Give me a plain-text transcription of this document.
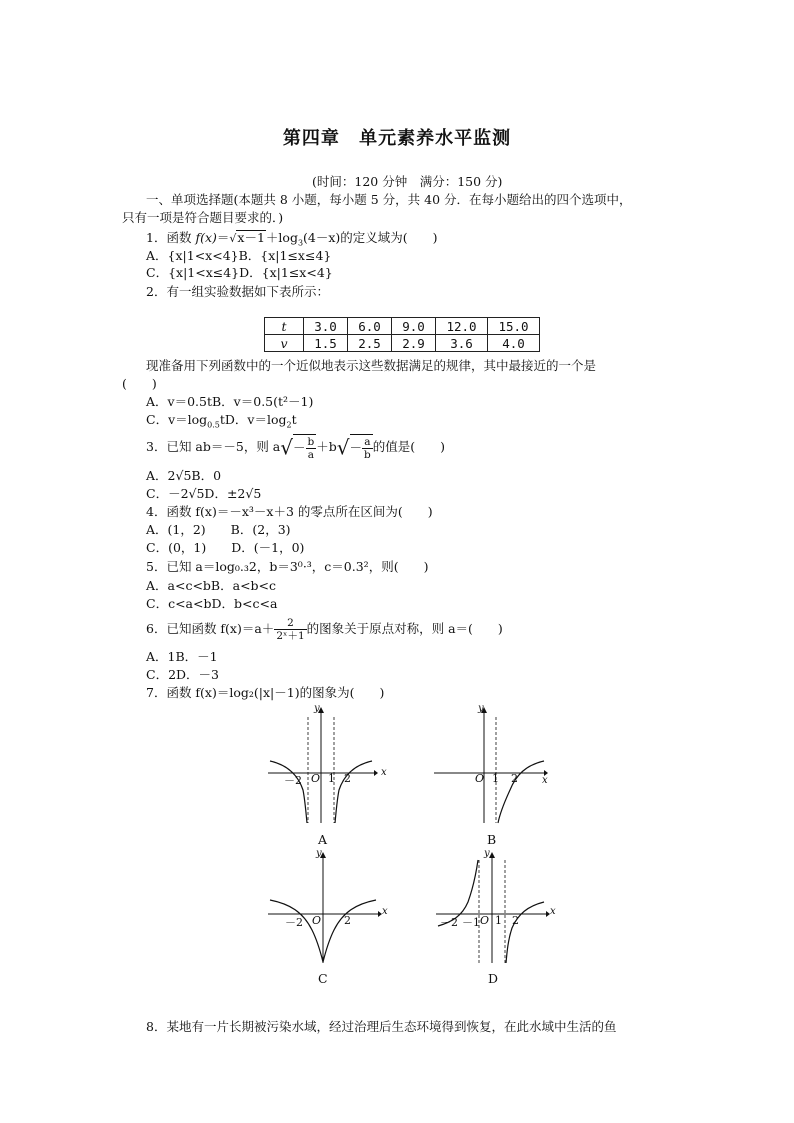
第四章 单元素养水平监测
(时间：120 分钟　满分：150 分)
一、单项选择题(本题共 8 小题，每小题 5 分，共 40 分．在每小题给出的四个选项中，
只有一项是符合题目要求的．)
1．函数 $f(x)=√x-1+\log_3(4-x)$的定义域为(　　)
A．{x|1<x<4}B．{x|1≤x≤4}
C．{x|1<x≤4}D．{x|1≤x<4}
2．有一组实验数据如下表所示：
t	3.0	6.0	9.0	12.0	15.0
v	1.5	2.5	2.9	3.6	4.0
现准备用下列函数中的一个近似地表示这些数据满足的规律，其中最接近的一个是
(　　)
A．v＝0.5tB．v＝0.5(t²－1)
C．$v=\log_{0.5}tD$．$v=\log_2t$
3．已知 ab＝－5，则 $a√- \frac{b}{a} +b√- \frac{a}{b}$ 的值是(　　)
A．2√5B．0
C．－2√5D．±2√5
4．函数 f(x)＝－x³－x＋3 的零点所在区间为(　　)
A．(1，2)　　B．(2，3)
C．(0，1)　　D．(－1，0)
5．已知 a＝log₀.₃2，b＝3⁰·³，c＝0.3²，则(　　)
A．a<c<bB．a<b<c
C．c<a<bD．b<c<a
6．已知函数 $f(x)=a+ \frac{2}{\text{2ˣ＋1}}$ 的图象关于原点对称，则 a＝(　　)
A．1B．－1
C．2D．－3
7．函数 f(x)＝log₂(|x|－1)的图象为(　　)
y
x
－2 O 1 2
A
y
x
O 1 2
B
y
x
－2 O 2
C
y
x
－2 －1 O 1 2
D
8．某地有一片长期被污染水域，经过治理后生态环境得到恢复，在此水域中生活的鱼
